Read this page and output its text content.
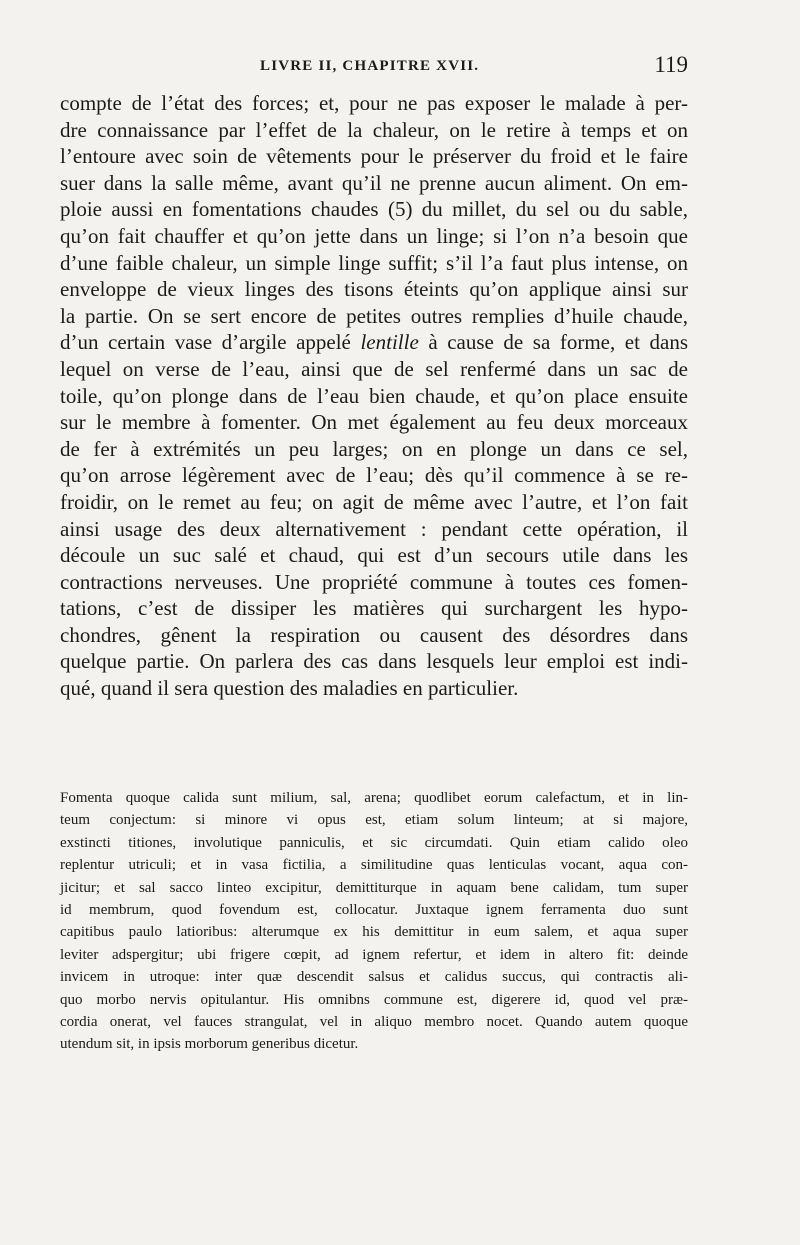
LIVRE II, CHAPITRE XVII.	119
compte de l’état des forces; et, pour ne pas exposer le malade à per-
dre connaissance par l’effet de la chaleur, on le retire à temps et on
l’entoure avec soin de vêtements pour le préserver du froid et le faire
suer dans la salle même, avant qu’il ne prenne aucun aliment. On em-
ploie aussi en fomentations chaudes (5) du millet, du sel ou du sable,
qu’on fait chauffer et qu’on jette dans un linge; si l’on n’a besoin que
d’une faible chaleur, un simple linge suffit; s’il l’a faut plus intense, on
enveloppe de vieux linges des tisons éteints qu’on applique ainsi sur
la partie. On se sert encore de petites outres remplies d’huile chaude,
d’un certain vase d’argile appelé lentille à cause de sa forme, et dans
lequel on verse de l’eau, ainsi que de sel renfermé dans un sac de
toile, qu’on plonge dans de l’eau bien chaude, et qu’on place ensuite
sur le membre à fomenter. On met également au feu deux morceaux
de fer à extrémités un peu larges; on en plonge un dans ce sel,
qu’on arrose légèrement avec de l’eau; dès qu’il commence à se re-
froidir, on le remet au feu; on agit de même avec l’autre, et l’on fait
ainsi usage des deux alternativement : pendant cette opération, il
découle un suc salé et chaud, qui est d’un secours utile dans les
contractions nerveuses. Une propriété commune à toutes ces fomen-
tations, c’est de dissiper les matières qui surchargent les hypo-
chondres, gênent la respiration ou causent des désordres dans
quelque partie. On parlera des cas dans lesquels leur emploi est indi-
qué, quand il sera question des maladies en particulier.
Fomenta quoque calida sunt milium, sal, arena; quodlibet eorum calefactum, et in lin-
teum conjectum: si minore vi opus est, etiam solum linteum; at si majore,
exstincti titiones, involutique panniculis, et sic circumdati. Quin etiam calido oleo
replentur utriculi; et in vasa fictilia, a similitudine quas lenticulas vocant, aqua con-
jicitur; et sal sacco linteo excipitur, demittiturque in aquam bene calidam, tum super
id membrum, quod fovendum est, collocatur. Juxtaque ignem ferramenta duo sunt
capitibus paulo latioribus: alterumque ex his demittitur in eum salem, et aqua super
leviter adspergitur; ubi frigere cœpit, ad ignem refertur, et idem in altero fit: deinde
invicem in utroque: inter quæ descendit salsus et calidus succus, qui contractis ali-
quo morbo nervis opitulantur. His omnibns commune est, digerere id, quod vel præ-
cordia onerat, vel fauces strangulat, vel in aliquo membro nocet. Quando autem quoque
utendum sit, in ipsis morborum generibus dicetur.
